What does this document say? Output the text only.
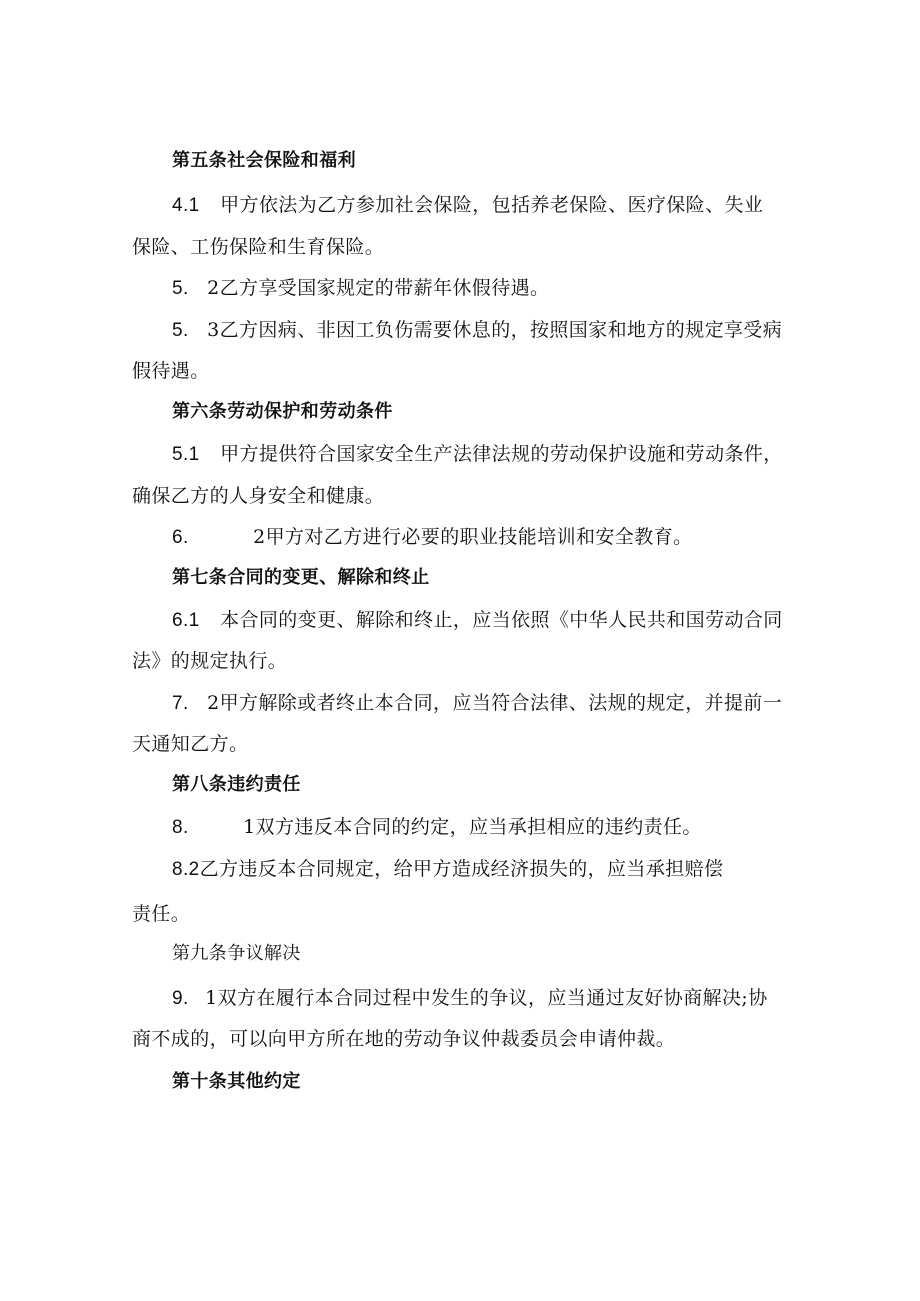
第五条社会保险和福利
4.1 甲方依法为乙方参加社会保险，包括养老保险、医疗保险、失业
保险、工伤保险和生育保险。
5. 2乙方享受国家规定的带薪年休假待遇。
5. 3乙方因病、非因工负伤需要休息的，按照国家和地方的规定享受病
假待遇。
第六条劳动保护和劳动条件
5.1 甲方提供符合国家安全生产法律法规的劳动保护设施和劳动条件，
确保乙方的人身安全和健康。
6.	2甲方对乙方进行必要的职业技能培训和安全教育。
第七条合同的变更、解除和终止
6.1 本合同的变更、解除和终止，应当依照《中华人民共和国劳动合同
法》的规定执行。
7. 2甲方解除或者终止本合同，应当符合法律、法规的规定，并提前一
天通知乙方。
第八条违约责任
8.	1双方违反本合同的约定，应当承担相应的违约责任。
8.2乙方违反本合同规定，给甲方造成经济损失的，应当承担赔偿
责任。
第九条争议解决
9. 1双方在履行本合同过程中发生的争议，应当通过友好协商解决;协
商不成的，可以向甲方所在地的劳动争议仲裁委员会申请仲裁。
第十条其他约定
